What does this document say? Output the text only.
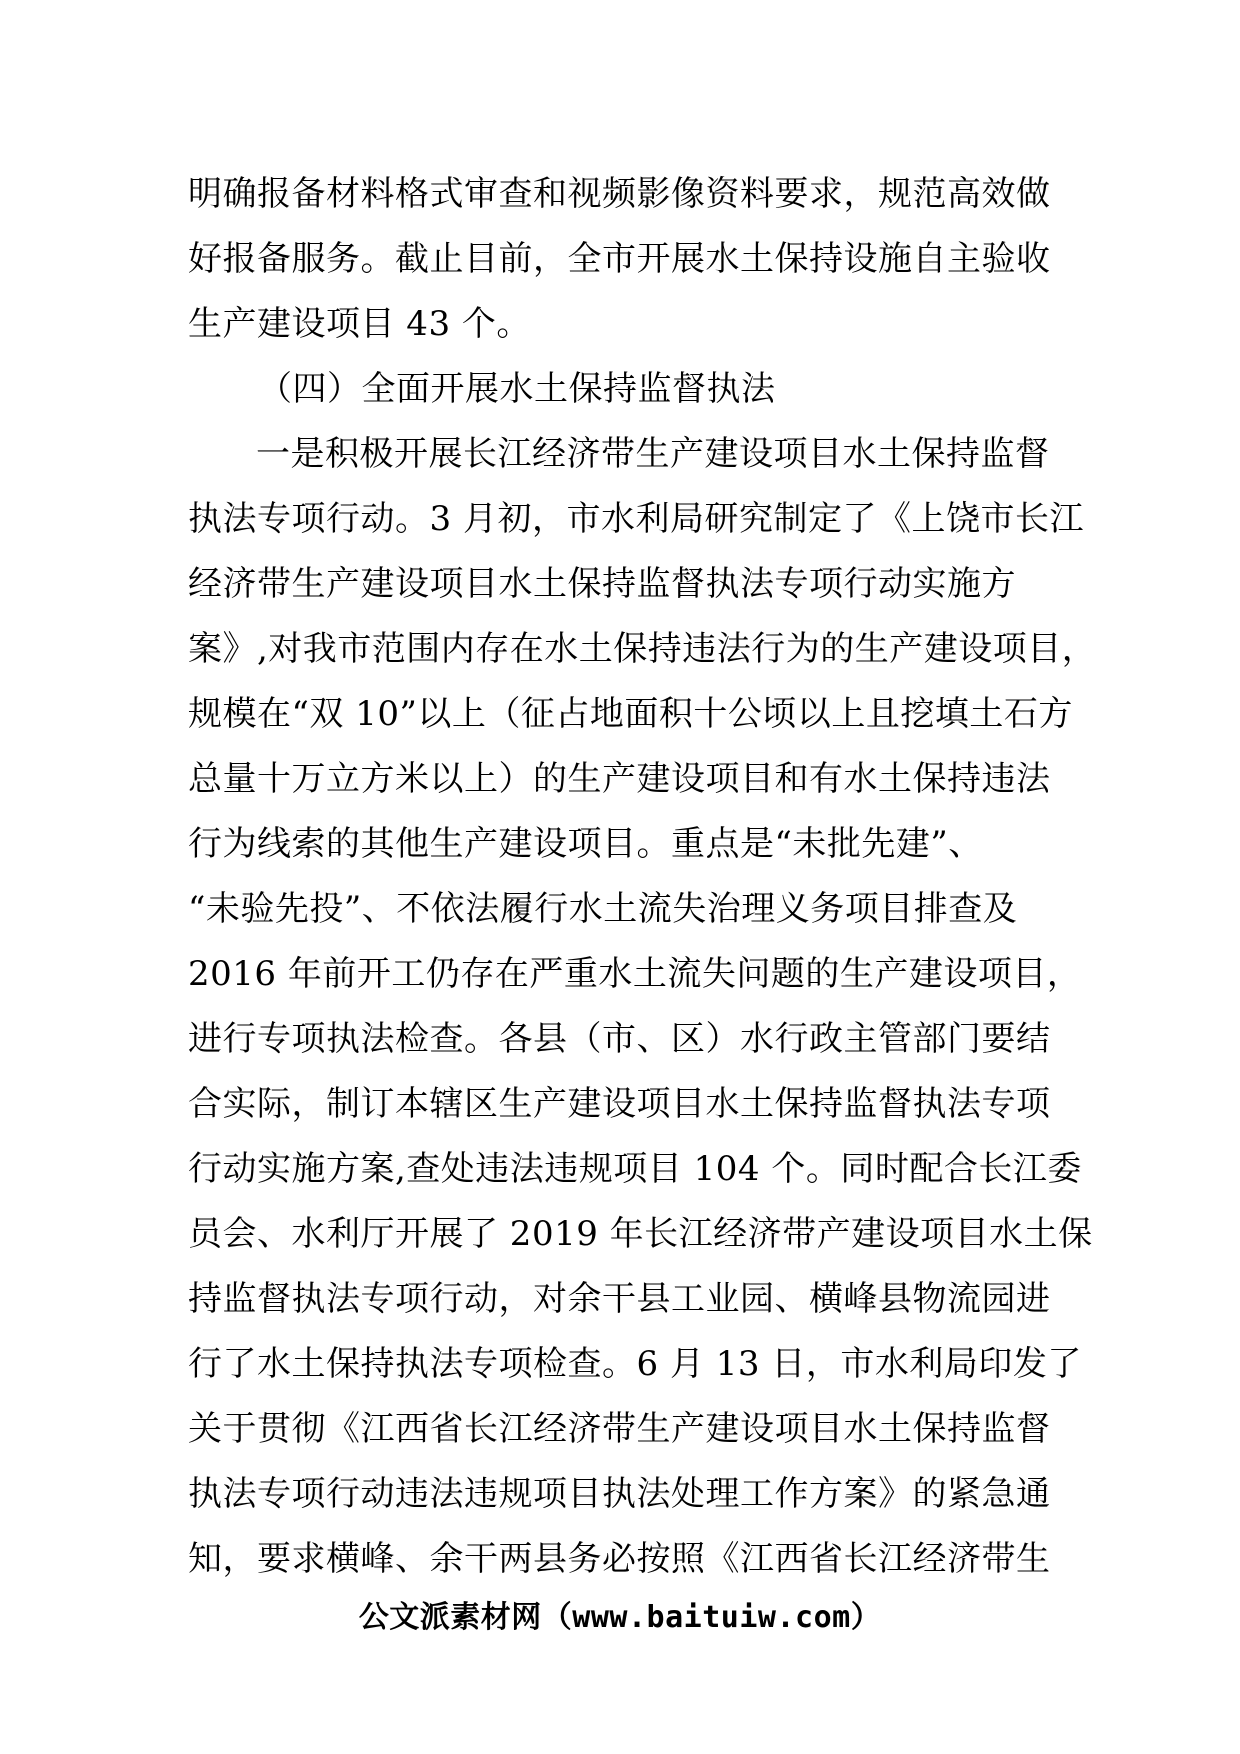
明确报备材料格式审查和视频影像资料要求，规范高效做
好报备服务。截止目前，全市开展水土保持设施自主验收
生产建设项目 43 个。
（四）全面开展水土保持监督执法
一是积极开展长江经济带生产建设项目水土保持监督
执法专项行动。3 月初，市水利局研究制定了《上饶市长江
经济带生产建设项目水土保持监督执法专项行动实施方
案》,对我市范围内存在水土保持违法行为的生产建设项目，
规模在“双 10”以上（征占地面积十公顷以上且挖填土石方
总量十万立方米以上）的生产建设项目和有水土保持违法
行为线索的其他生产建设项目。重点是“未批先建”、
“未验先投”、不依法履行水土流失治理义务项目排查及
2016 年前开工仍存在严重水土流失问题的生产建设项目，
进行专项执法检查。各县（市、区）水行政主管部门要结
合实际，制订本辖区生产建设项目水土保持监督执法专项
行动实施方案,查处违法违规项目 104 个。同时配合长江委
员会、水利厅开展了 2019 年长江经济带产建设项目水土保
持监督执法专项行动，对余干县工业园、横峰县物流园进
行了水土保持执法专项检查。6 月 13 日，市水利局印发了
关于贯彻《江西省长江经济带生产建设项目水土保持监督
执法专项行动违法违规项目执法处理工作方案》的紧急通
知，要求横峰、余干两县务必按照《江西省长江经济带生
公文派素材网（www.baituiw.com）
